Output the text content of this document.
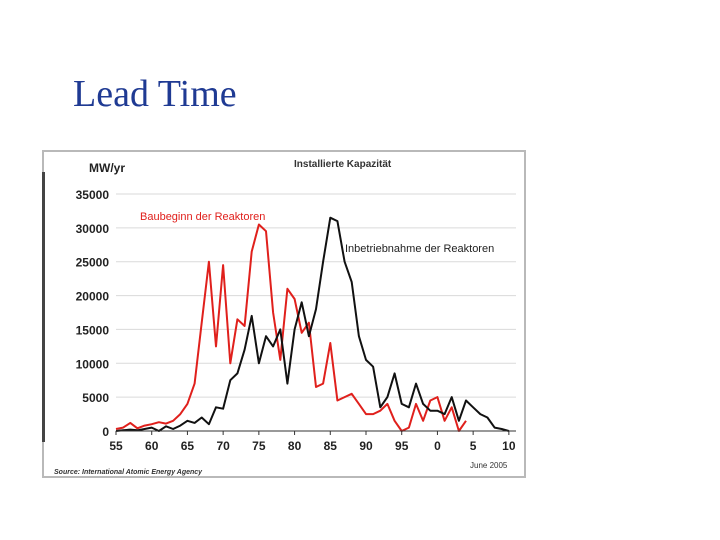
Lead Time
0
5000
10000
15000
20000
25000
30000
35000
55 60 65 70 75 80 85 90 95 0 5 10
MW/yr	Installierte Kapazität
Baubeginn der Reaktoren
Inbetriebnahme der Reaktoren
Source: International Atomic Energy Agency
June 2005
